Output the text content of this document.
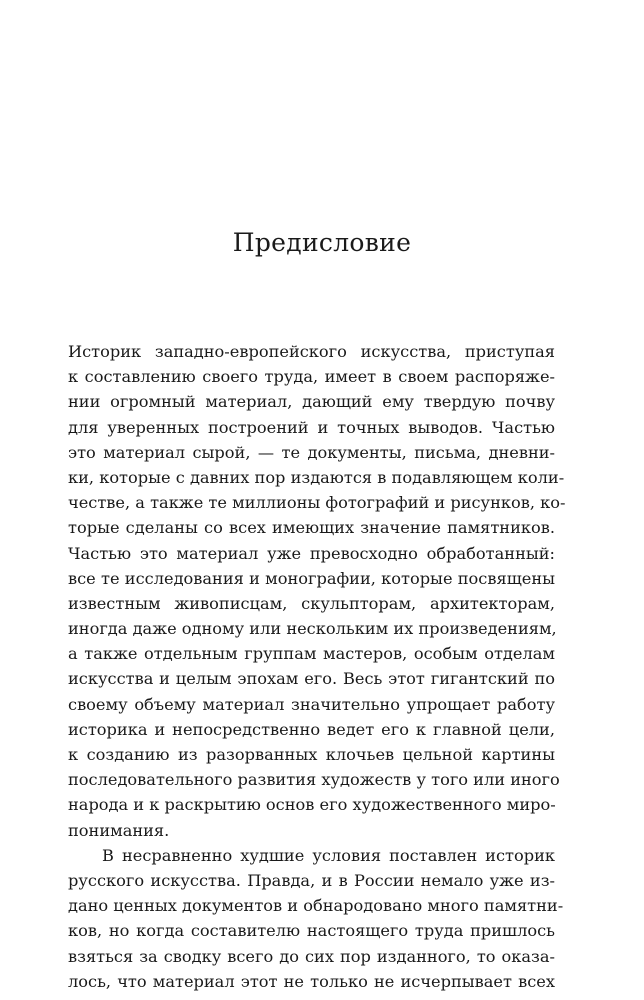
Предисловие
Историк западно-европейского искусства, приступая
к составлению своего труда, имеет в своем распоряже-
нии огромный материал, дающий ему твердую почву
для уверенных построений и точных выводов. Частью
это материал сырой, — те документы, письма, дневни-
ки, которые с давних пор издаются в подавляющем коли-
честве, а также те миллионы фотографий и рисунков, ко-
торые сделаны со всех имеющих значение памятников.
Частью это материал уже превосходно обработанный:
все те исследования и монографии, которые посвящены
известным живописцам, скульпторам, архитекторам,
иногда даже одному или нескольким их произведениям,
а также отдельным группам мастеров, особым отделам
искусства и целым эпохам его. Весь этот гигантский по
своему объему материал значительно упрощает работу
историка и непосредственно ведет его к главной цели,
к созданию из разорванных клочьев цельной картины
последовательного развития художеств у того или иного
народа и к раскрытию основ его художественного миро-
понимания.
В несравненно худшие условия поставлен историк
русского искусства. Правда, и в России немало уже из-
дано ценных документов и обнародовано много памятни-
ков, но когда составителю настоящего труда пришлось
взяться за сводку всего до сих пор изданного, то оказа-
лось, что материал этот не только не исчерпывает всех
